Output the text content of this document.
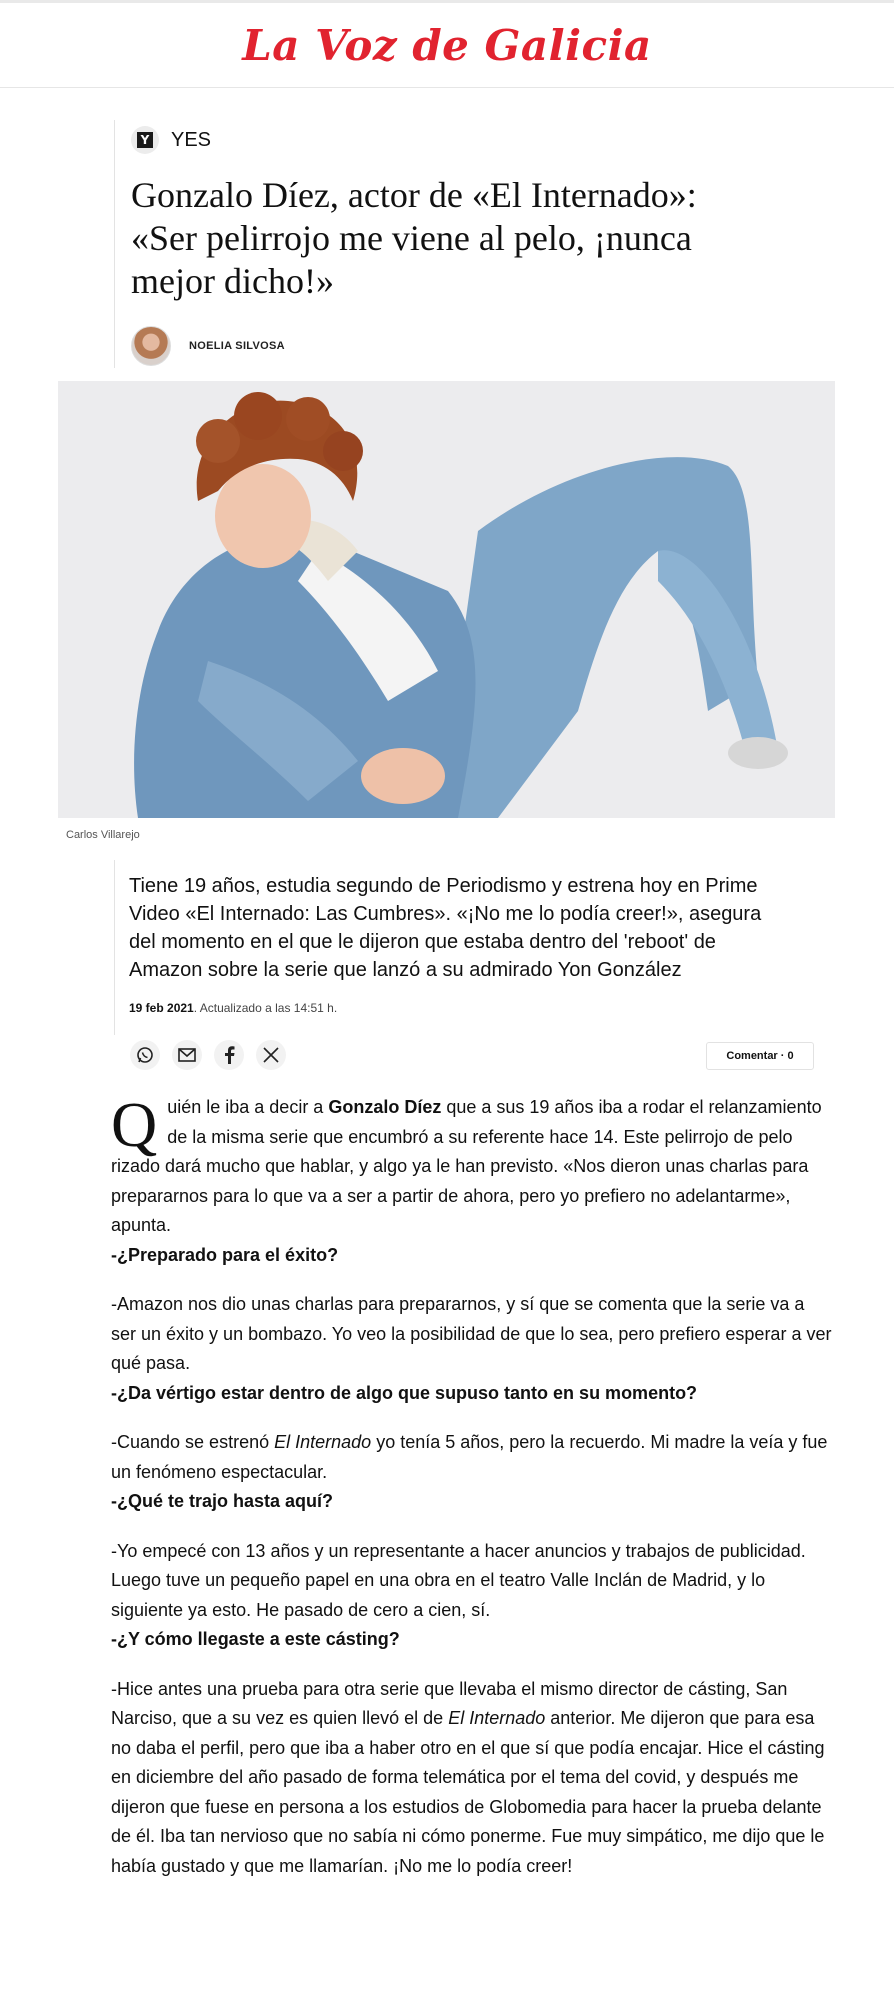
La Voz de Galicia
Y YES
Gonzalo Díez, actor de «El Internado»: «Ser pelirrojo me viene al pelo, ¡nunca mejor dicho!»
NOELIA SILVOSA
Carlos Villarejo

Tiene 19 años, estudia segundo de Periodismo y estrena hoy en Prime Video «El Internado: Las Cumbres». «¡No me lo podía creer!», asegura del momento en el que le dijeron que estaba dentro del 'reboot' de Amazon sobre la serie que lanzó a su admirado Yon González

19 feb 2021. Actualizado a las 14:51 h.
Comentar · 0

Quién le iba a decir a Gonzalo Díez que a sus 19 años iba a rodar el relanzamiento de la misma serie que encumbró a su referente hace 14. Este pelirrojo de pelo rizado dará mucho que hablar, y algo ya le han previsto. «Nos dieron unas charlas para prepararnos para lo que va a ser a partir de ahora, pero yo prefiero no adelantarme», apunta.

-¿Preparado para el éxito?

-Amazon nos dio unas charlas para prepararnos, y sí que se comenta que la serie va a ser un éxito y un bombazo. Yo veo la posibilidad de que lo sea, pero prefiero esperar a ver qué pasa.

-¿Da vértigo estar dentro de algo que supuso tanto en su momento?

-Cuando se estrenó El Internado yo tenía 5 años, pero la recuerdo. Mi madre la veía y fue un fenómeno espectacular.

-¿Qué te trajo hasta aquí?

-Yo empecé con 13 años y un representante a hacer anuncios y trabajos de publicidad. Luego tuve un pequeño papel en una obra en el teatro Valle Inclán de Madrid, y lo siguiente ya esto. He pasado de cero a cien, sí.

-¿Y cómo llegaste a este cásting?

-Hice antes una prueba para otra serie que llevaba el mismo director de cásting, San Narciso, que a su vez es quien llevó el de El Internado anterior. Me dijeron que para esa no daba el perfil, pero que iba a haber otro en el que sí que podía encajar. Hice el cásting en diciembre del año pasado de forma telemática por el tema del covid, y después me dijeron que fuese en persona a los estudios de Globomedia para hacer la prueba delante de él. Iba tan nervioso que no sabía ni cómo ponerme. Fue muy simpático, me dijo que le había gustado y que me llamarían. ¡No me lo podía creer!
